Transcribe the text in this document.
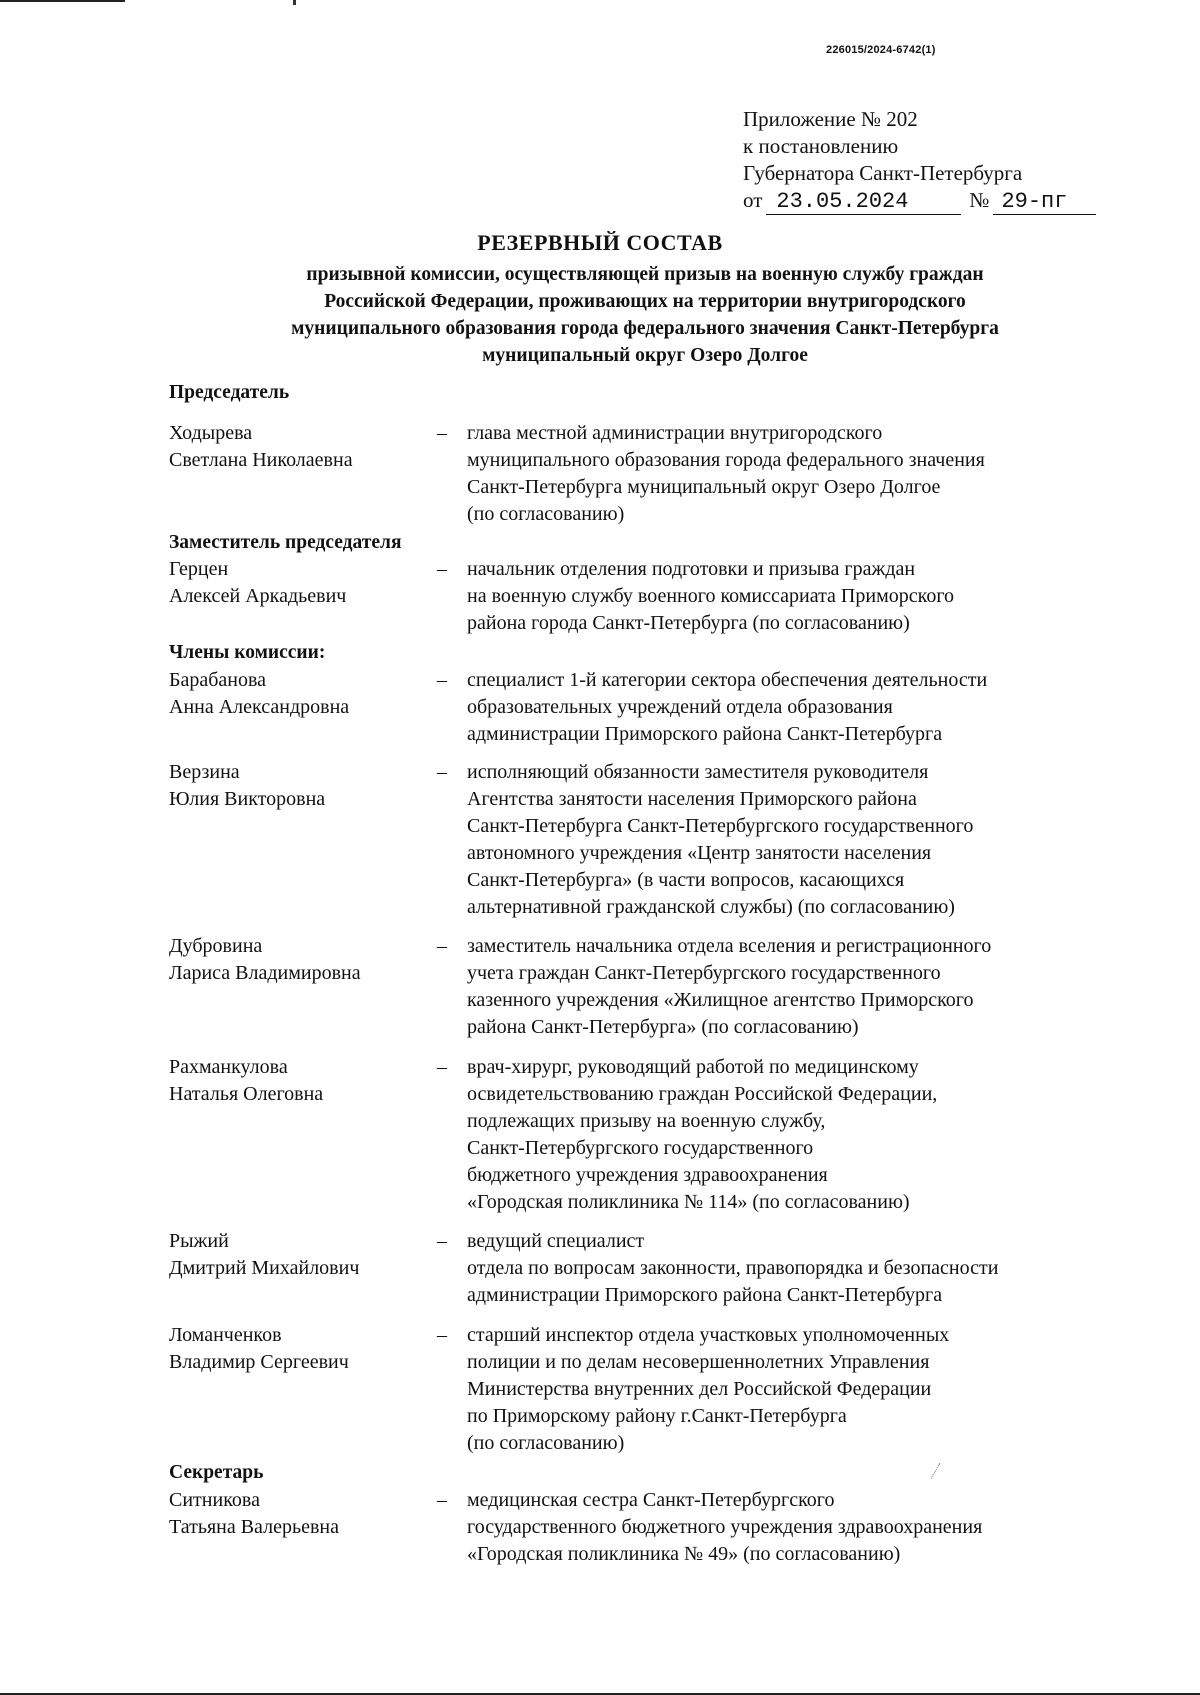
226015/2024-6742(1)
Приложение № 202
к постановлению
Губернатора Санкт-Петербурга
от 23.05.2024	№ 29-пг
РЕЗЕРВНЫЙ СОСТАВ
призывной комиссии, осуществляющей призыв на военную службу граждан
Российской Федерации, проживающих на территории внутригородского
муниципального образования города федерального значения Санкт-Петербурга
муниципальный округ Озеро Долгое
Председатель
Заместитель председателя
Члены комиссии:
Секретарь
Ходырева
Светлана Николаевна
– глава местной администрации внутригородского
муниципального образования города федерального значения
Санкт-Петербурга муниципальный округ Озеро Долгое
(по согласованию)
Герцен
Алексей Аркадьевич
– начальник отделения подготовки и призыва граждан
на военную службу военного комиссариата Приморского
района города Санкт-Петербурга (по согласованию)
Барабанова
Анна Александровна
– специалист 1-й категории сектора обеспечения деятельности
образовательных учреждений отдела образования
администрации Приморского района Санкт-Петербурга
Верзина
Юлия Викторовна
– исполняющий обязанности заместителя руководителя
Агентства занятости населения Приморского района
Санкт-Петербурга Санкт-Петербургского государственного
автономного учреждения «Центр занятости населения
Санкт-Петербурга» (в части вопросов, касающихся
альтернативной гражданской службы) (по согласованию)
Дубровина
Лариса Владимировна
– заместитель начальника отдела вселения и регистрационного
учета граждан Санкт-Петербургского государственного
казенного учреждения «Жилищное агентство Приморского
района Санкт-Петербурга» (по согласованию)
Рахманкулова
Наталья Олеговна
– врач-хирург, руководящий работой по медицинскому
освидетельствованию граждан Российской Федерации,
подлежащих призыву на военную службу,
Санкт-Петербургского государственного
бюджетного учреждения здравоохранения
«Городская поликлиника № 114» (по согласованию)
Рыжий
Дмитрий Михайлович
– ведущий специалист
отдела по вопросам законности, правопорядка и безопасности
администрации Приморского района Санкт-Петербурга
Ломанченков
Владимир Сергеевич
– старший инспектор отдела участковых уполномоченных
полиции и по делам несовершеннолетних Управления
Министерства внутренних дел Российской Федерации
по Приморскому району г.Санкт-Петербурга
(по согласованию)
Ситникова
Татьяна Валерьевна
– медицинская сестра Санкт-Петербургского
государственного бюджетного учреждения здравоохранения
«Городская поликлиника № 49» (по согласованию)
